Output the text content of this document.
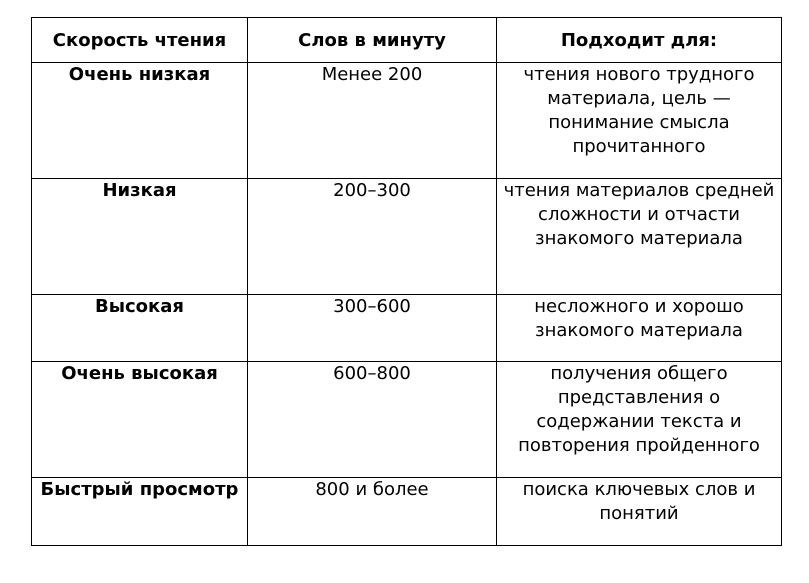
Скорость чтения	Слов в минуту	Подходит для:
Очень низкая	Менее 200	чтения нового трудного материала, цель — понимание смысла прочитанного
Низкая	200–300	чтения материалов средней сложности и отчасти знакомого материала
Высокая	300–600	несложного и хорошо знакомого материала
Очень высокая	600–800	получения общего представления о содержании текста и повторения пройденного
Быстрый просмотр	800 и более	поиска ключевых слов и понятий
